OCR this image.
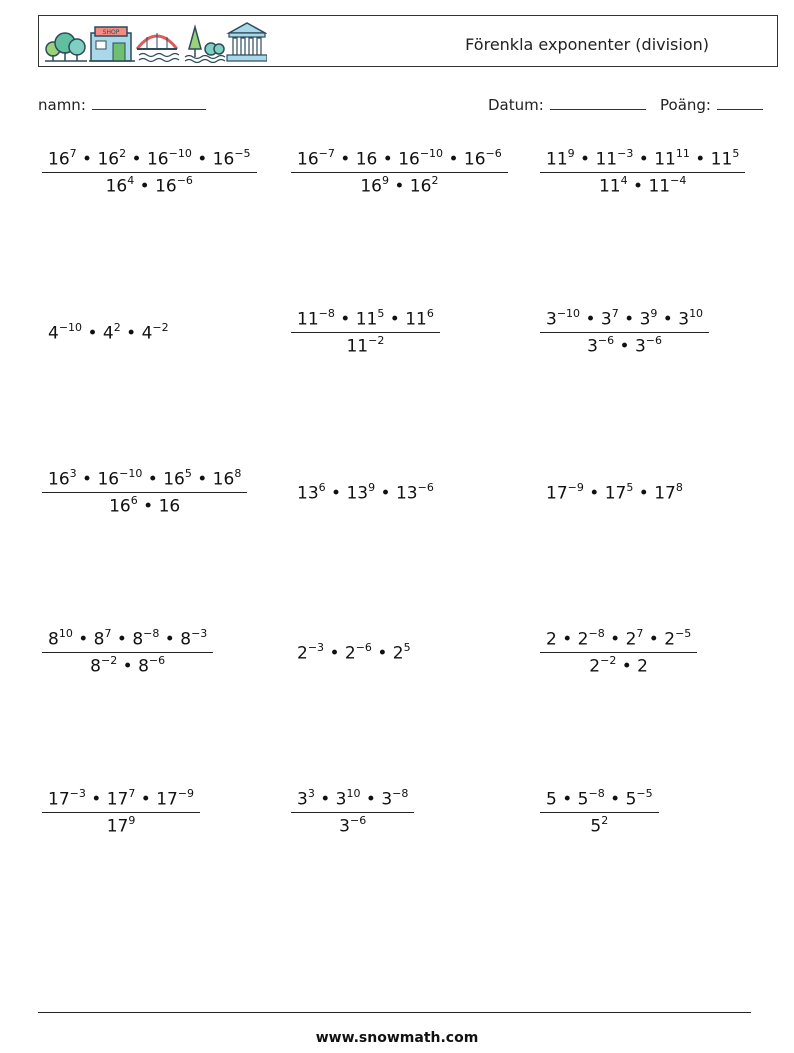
SHOP
Förenkla exponenter (division)
namn:	Datum:	Poäng:
$\frac{16^7 • 16^2 • 16^{-10} • 16^{-5}}{16^4 • 16^{-6}} \frac{16^{-7} • 16 • 16^{-10} • 16^{-6}}{16^9 • 16^2} \frac{11^9 • 11^{-3} • 11^{11} • 11^5}{11^4 • 11^{-4}}$
$4^{-10}$ • $4^2$ • $4^{-2}$	$\frac{11^{-8} • 11^5 • 11^6}{11^{-2}}$	$\frac{3^{-10} • 3^7 • 3^9 • 3^{10}}{3^{-6} • 3^{-6}}$
$\frac{16^3 • 16^{-10} • 16^5 • 16^8}{16^6 • 16}$	$13^6$ • $13^9$ • $13^{-6}$	$17^{-9}$ • $17^5$ • $17^8$
$\frac{8^{10} • 8^7 • 8^{-8} • 8^{-3}}{8^{-2} • 8^{-6}}$	$2^{-3}$ • $2^{-6}$ • $2^5$	$\frac{2 • 2^{-8} • 2^7 • 2^{-5}}{2^{-2} • 2}$
$\frac{17^{-3} • 17^7 • 17^{-9}}{17^9}$	$\frac{3^3 • 3^{10} • 3^{-8}}{3^{-6}}$	$\frac{5 • 5^{-8} • 5^{-5}}{5^2}$
www.snowmath.com
